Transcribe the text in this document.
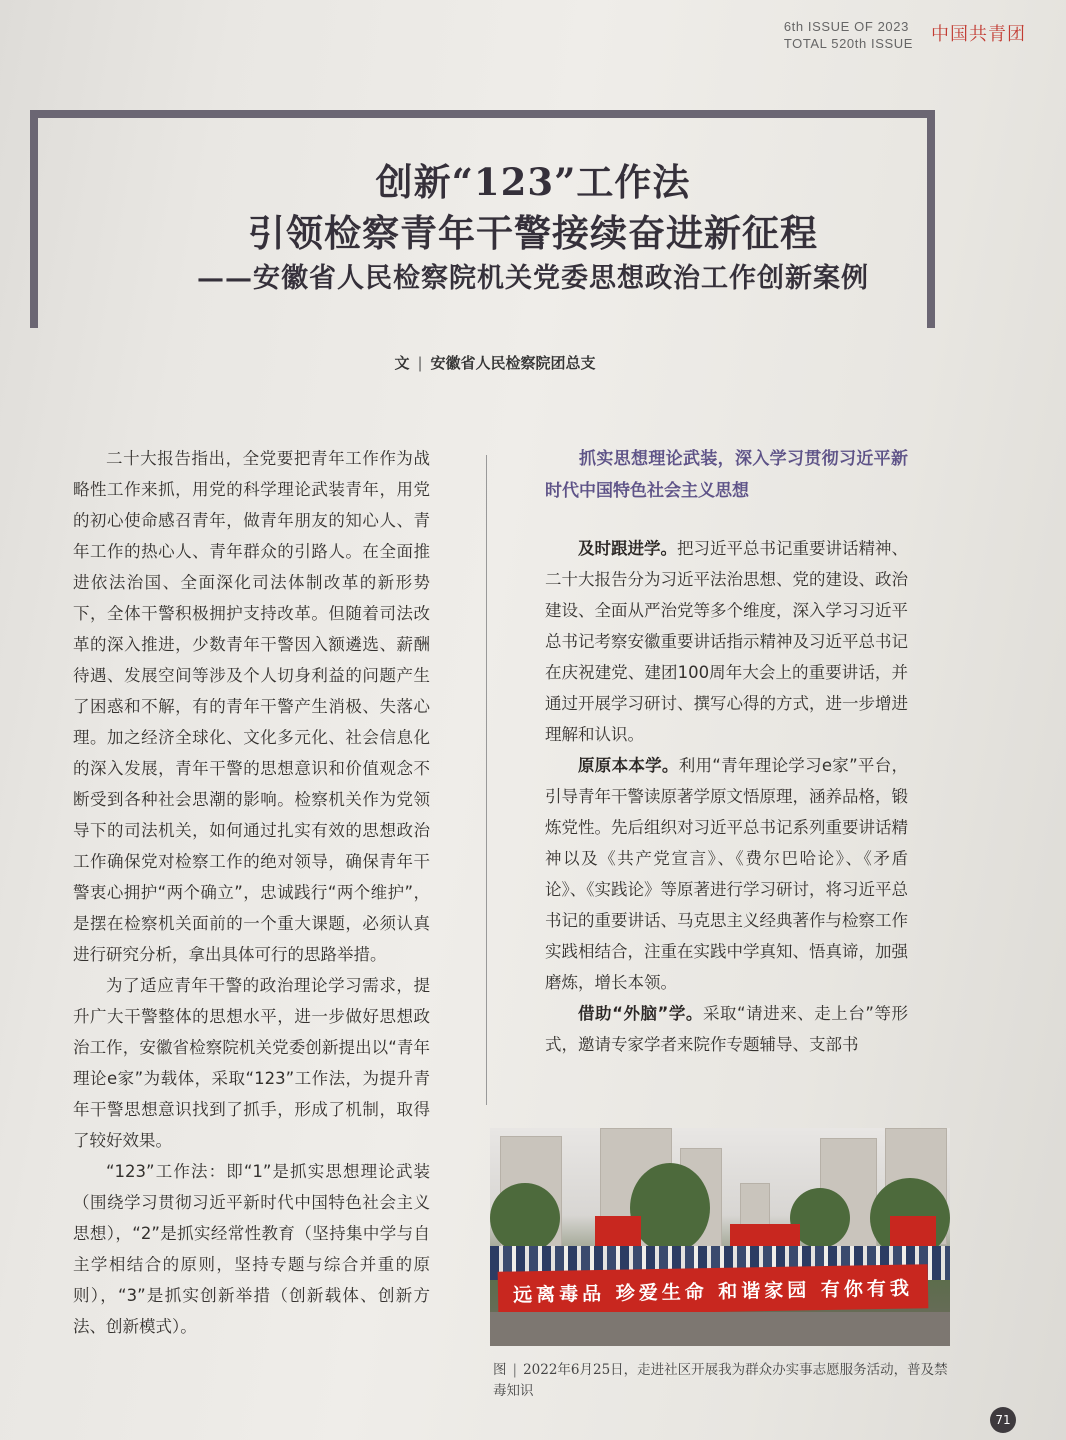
6th ISSUE OF 2023
TOTAL 520th ISSUE 中国共青团
创新“123”工作法
引领检察青年干警接续奋进新征程
——安徽省人民检察院机关党委思想政治工作创新案例
文 | 安徽省人民检察院团总支

二十大报告指出，全党要把青年工作作为战略性工作来抓，用党的科学理论武装青年，用党的初心使命感召青年，做青年朋友的知心人、青年工作的热心人、青年群众的引路人。在全面推进依法治国、全面深化司法体制改革的新形势下，全体干警积极拥护支持改革。但随着司法改革的深入推进，少数青年干警因入额遴选、薪酬待遇、发展空间等涉及个人切身利益的问题产生了困惑和不解，有的青年干警产生消极、失落心理。加之经济全球化、文化多元化、社会信息化的深入发展，青年干警的思想意识和价值观念不断受到各种社会思潮的影响。检察机关作为党领导下的司法机关，如何通过扎实有效的思想政治工作确保党对检察工作的绝对领导，确保青年干警衷心拥护“两个确立”，忠诚践行“两个维护”，是摆在检察机关面前的一个重大课题，必须认真进行研究分析，拿出具体可行的思路举措。

为了适应青年干警的政治理论学习需求，提升广大干警整体的思想水平，进一步做好思想政治工作，安徽省检察院机关党委创新提出以“青年理论e家”为载体，采取“123”工作法，为提升青年干警思想意识找到了抓手，形成了机制，取得了较好效果。

“123”工作法：即“1”是抓实思想理论武装（围绕学习贯彻习近平新时代中国特色社会主义思想），“2”是抓实经常性教育（坚持集中学与自主学相结合的原则，坚持专题与综合并重的原则），“3”是抓实创新举措（创新载体、创新方法、创新模式）。

抓实思想理论武装，深入学习贯彻习近平新时代中国特色社会主义思想

及时跟进学。把习近平总书记重要讲话精神、二十大报告分为习近平法治思想、党的建设、政治建设、全面从严治党等多个维度，深入学习习近平总书记考察安徽重要讲话指示精神及习近平总书记在庆祝建党、建团100周年大会上的重要讲话，并通过开展学习研讨、撰写心得的方式，进一步增进理解和认识。

原原本本学。利用“青年理论学习e家”平台，引导青年干警读原著学原文悟原理，涵养品格，锻炼党性。先后组织对习近平总书记系列重要讲话精神以及《共产党宣言》、《费尔巴哈论》、《矛盾论》、《实践论》等原著进行学习研讨，将习近平总书记的重要讲话、马克思主义经典著作与检察工作实践相结合，注重在实践中学真知、悟真谛，加强磨炼，增长本领。

借助“外脑”学。采取“请进来、走上台”等形式，邀请专家学者来院作专题辅导、支部书

远离毒品 珍爱生命 和谐家园 有你有我
图 | 2022年6月25日，走进社区开展我为群众办实事志愿服务活动，普及禁毒知识
71
